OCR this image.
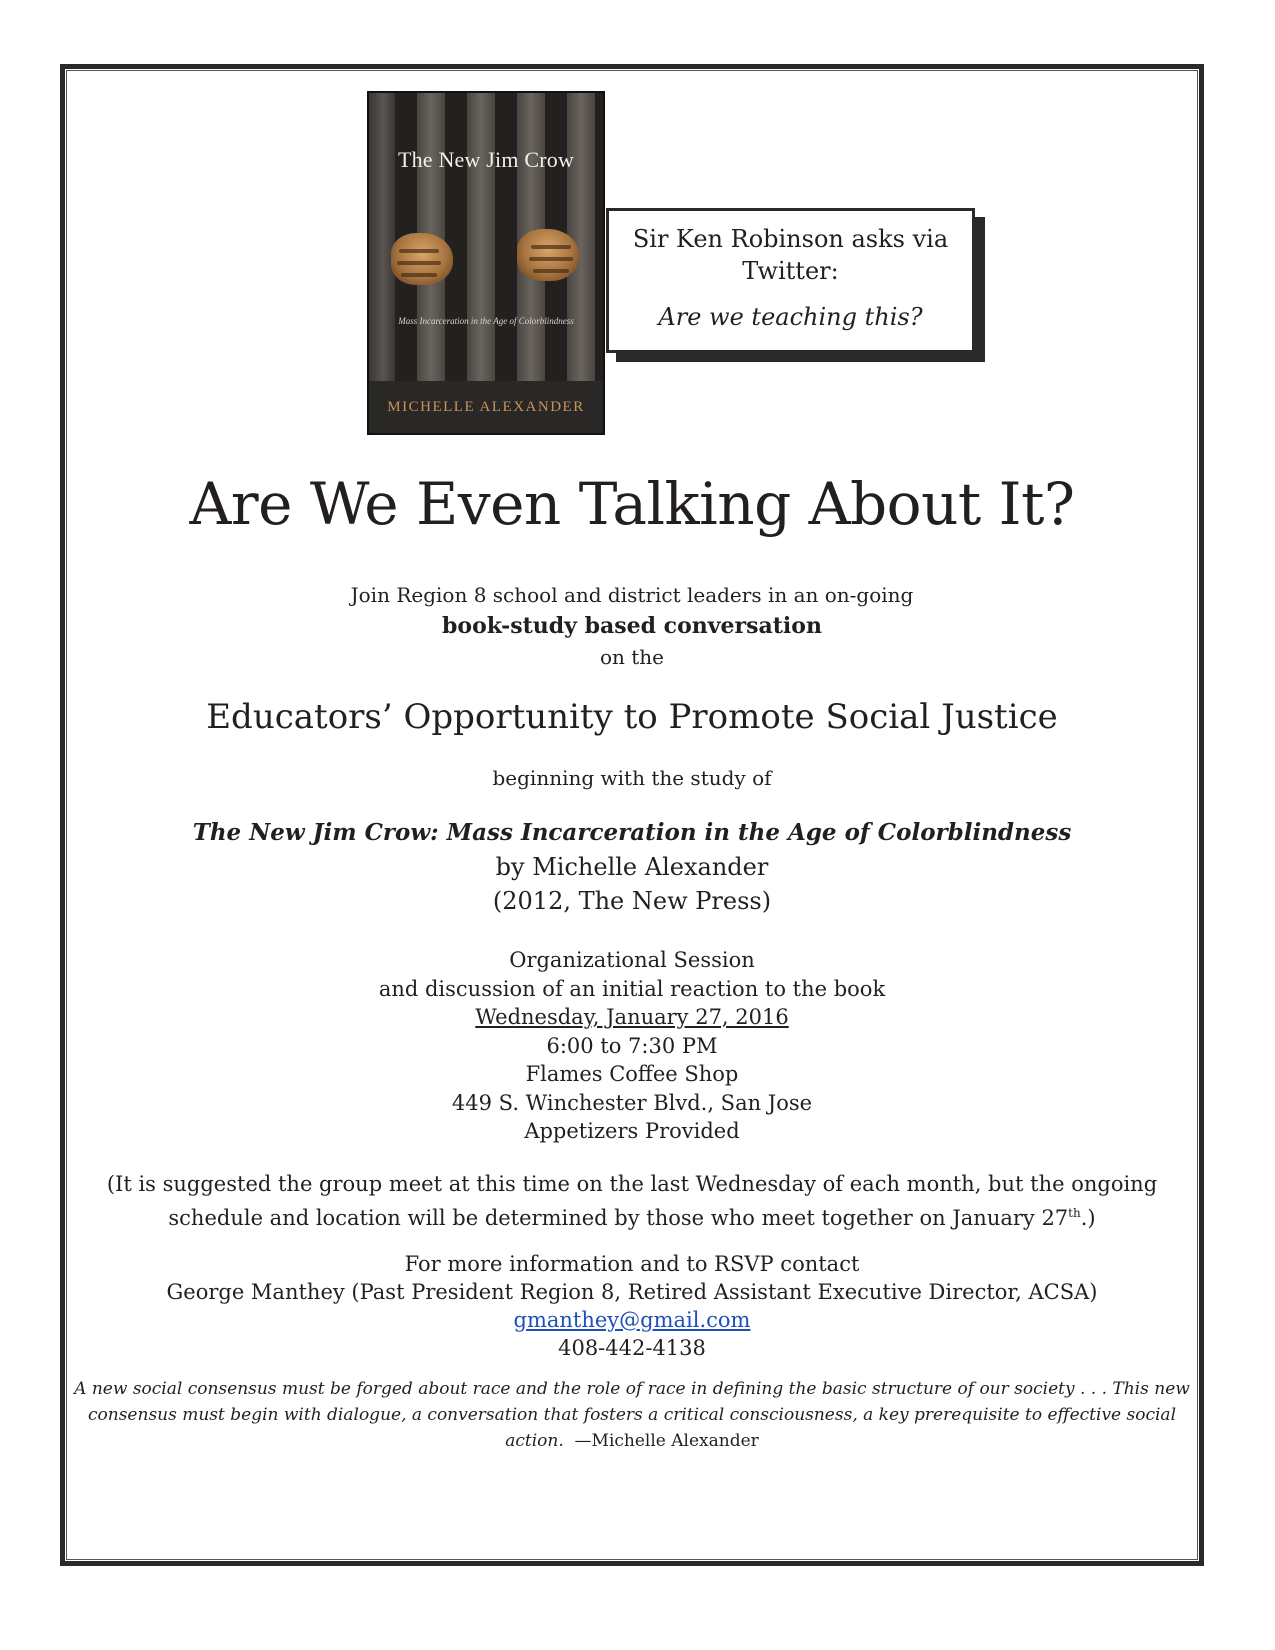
The New Jim Crow
Mass Incarceration in the Age of Colorblindness
MICHELLE ALEXANDER
Sir Ken Robinson asks via Twitter:
Are we teaching this?
Are We Even Talking About It?
Join Region 8 school and district leaders in an on-going
book-study based conversation
on the
Educators’ Opportunity to Promote Social Justice
beginning with the study of
The New Jim Crow: Mass Incarceration in the Age of Colorblindness
by Michelle Alexander
(2012, The New Press)
Organizational Session
and discussion of an initial reaction to the book
Wednesday, January 27, 2016
6:00 to 7:30 PM
Flames Coffee Shop
449 S. Winchester Blvd., San Jose
Appetizers Provided
(It is suggested the group meet at this time on the last Wednesday of each month, but the ongoing schedule and location will be determined by those who meet together on January 27th.)
For more information and to RSVP contact
George Manthey (Past President Region 8, Retired Assistant Executive Director, ACSA)
gmanthey@gmail.com
408-442-4138
A new social consensus must be forged about race and the role of race in defining the basic structure of our society . . . This new consensus must begin with dialogue, a conversation that fosters a critical consciousness, a key prerequisite to effective social action. —Michelle Alexander
